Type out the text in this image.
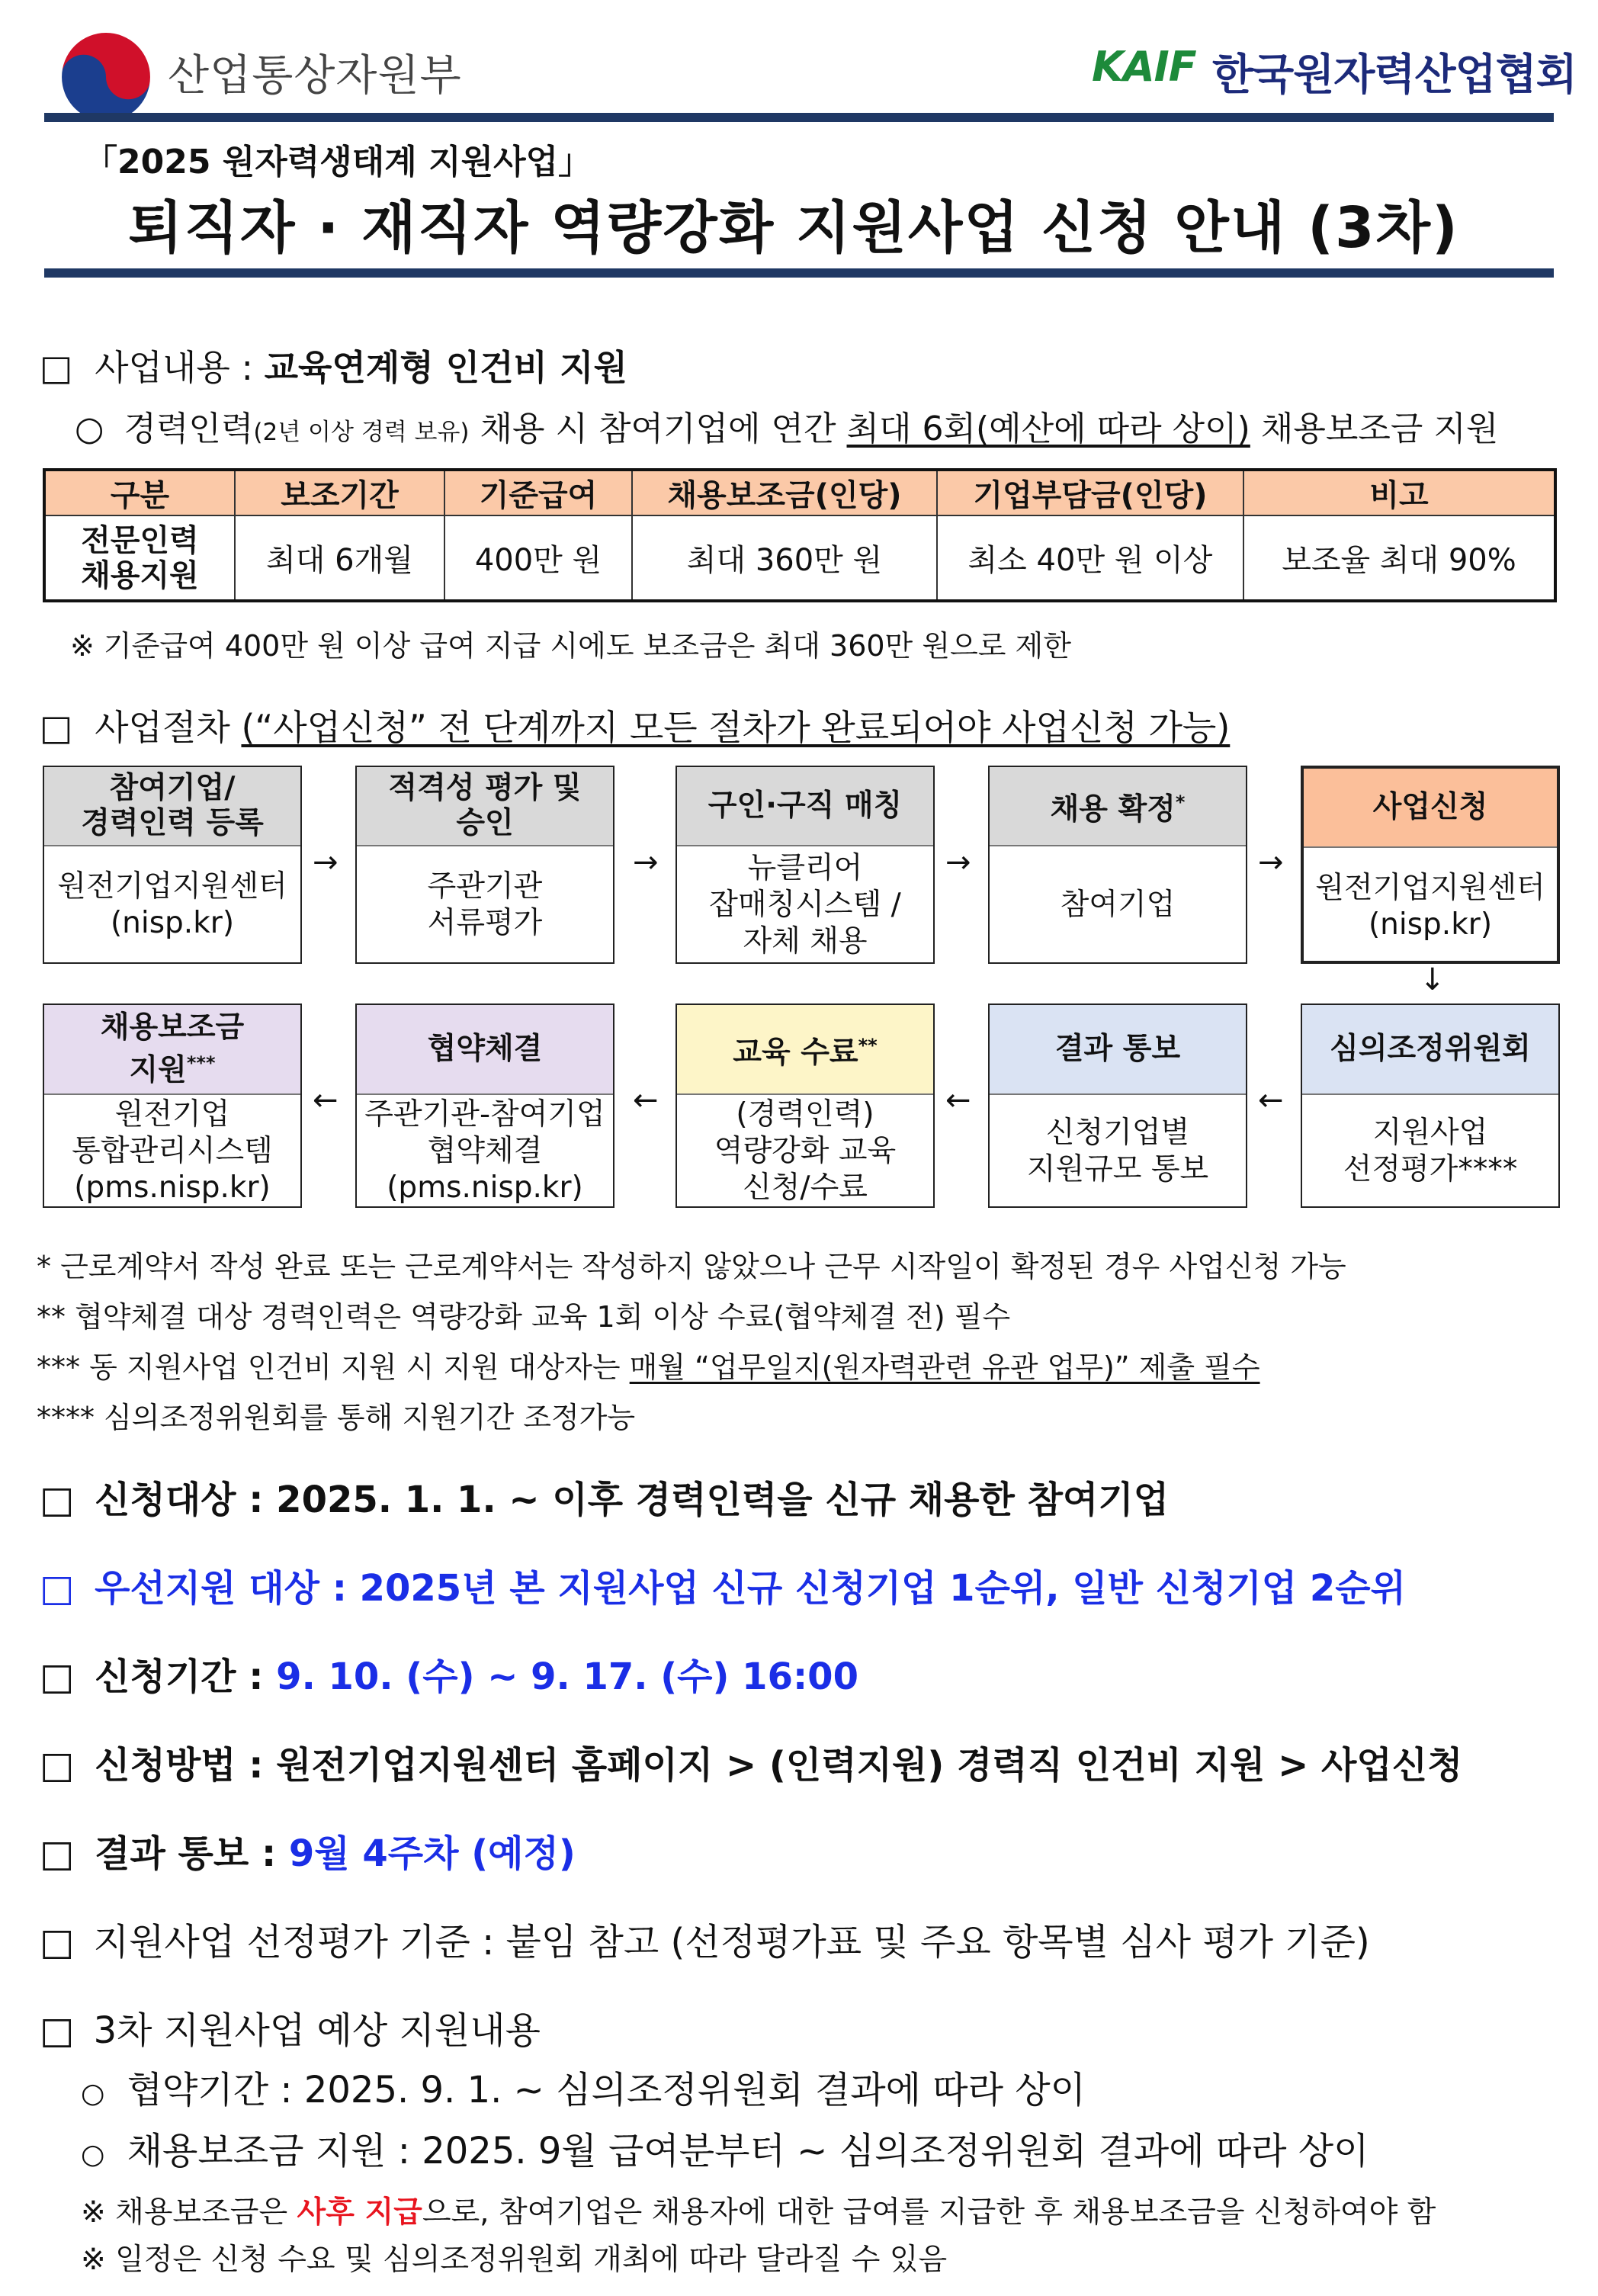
산업통상자원부	KAIF 한국원자력산업협회
「2025 원자력생태계 지원사업」
퇴직자 · 재직자 역량강화 지원사업 신청 안내 (3차)
□ 사업내용 : 교육연계형 인건비 지원
○ 경력인력(2년 이상 경력 보유) 채용 시 참여기업에 연간 최대 6회(예산에 따라 상이) 채용보조금 지원
구분	보조기간	기준급여	채용보조금(인당)	기업부담금(인당)	비고

전문인력
채용지원	최대 6개월	400만 원	최대 360만 원	최소 40만 원 이상	보조율 최대 90%
※ 기준급여 400만 원 이상 급여 지급 시에도 보조금은 최대 360만 원으로 제한
□ 사업절차 (“사업신청” 전 단계까지 모든 절차가 완료되어야 사업신청 가능)
참여기업/
경력인력 등록
원전기업지원센터
(nisp.kr)
적격성 평가 및
승인
주관기관
서류평가
구인·구직 매칭
뉴클리어
잡매칭시스템 /
자체 채용
채용 확정*
참여기업
사업신청
원전기업지원센터
(nisp.kr)
채용보조금
지원***
원전기업
통합관리시스템
(pms.nisp.kr)
협약체결
주관기관-참여기업
협약체결
(pms.nisp.kr)
교육 수료**
(경력인력)
역량강화 교육
신청/수료
결과 통보
신청기업별
지원규모 통보
심의조정위원회
지원사업
선정평가****
→	→	→	→
←	←	←	←
↓
* 근로계약서 작성 완료 또는 근로계약서는 작성하지 않았으나 근무 시작일이 확정된 경우 사업신청 가능
** 협약체결 대상 경력인력은 역량강화 교육 1회 이상 수료(협약체결 전) 필수
*** 동 지원사업 인건비 지원 시 지원 대상자는 매월 “업무일지(원자력관련 유관 업무)” 제출 필수
**** 심의조정위원회를 통해 지원기간 조정가능
□ 신청대상 : 2025. 1. 1. ~ 이후 경력인력을 신규 채용한 참여기업
□ 우선지원 대상 : 2025년 본 지원사업 신규 신청기업 1순위, 일반 신청기업 2순위
□ 신청기간 : 9. 10. (수) ~ 9. 17. (수) 16:00
□ 신청방법 : 원전기업지원센터 홈페이지 > (인력지원) 경력직 인건비 지원 > 사업신청
□ 결과 통보 : 9월 4주차 (예정)
□ 지원사업 선정평가 기준 : 붙임 참고 (선정평가표 및 주요 항목별 심사 평가 기준)
□ 3차 지원사업 예상 지원내용
○ 협약기간 : 2025. 9. 1. ~ 심의조정위원회 결과에 따라 상이
○ 채용보조금 지원 : 2025. 9월 급여분부터 ~ 심의조정위원회 결과에 따라 상이
※ 채용보조금은 사후 지급으로, 참여기업은 채용자에 대한 급여를 지급한 후 채용보조금을 신청하여야 함
※ 일정은 신청 수요 및 심의조정위원회 개최에 따라 달라질 수 있음
